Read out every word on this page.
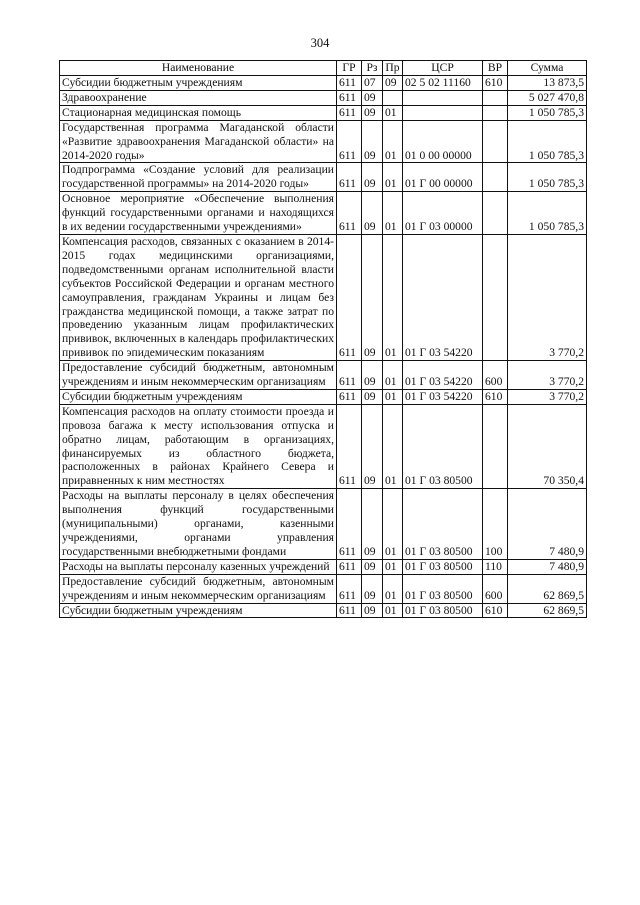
304
Наименование	ГР	Рз	Пр	ЦСР	ВР	Сумма
Субсидии бюджетным учреждениям	611	07	09	02 5 02 11160	610	13 873,5
Здравоохранение	611	09				5 027 470,8
Стационарная медицинская помощь	611	09	01			1 050 785,3
Государственная программа Магаданской области «Развитие здравоохранения Магаданской области» на 2014-2020 годы»	611	09	01	01 0 00 00000		1 050 785,3
Подпрограмма «Создание условий для реализации государственной программы» на 2014-2020 годы»	611	09	01	01 Г 00 00000		1 050 785,3
Основное мероприятие «Обеспечение выполнения функций государственными органами и находящихся в их ведении государственными учреждениями»	611	09	01	01 Г 03 00000		1 050 785,3
Компенсация расходов, связанных с оказанием в 2014-2015 годах медицинскими организациями, подведомственными органам исполнительной власти субъектов Российской Федерации и органам местного самоуправления, гражданам Украины и лицам без гражданства медицинской помощи, а также затрат по проведению указанным лицам профилактических прививок, включенных в календарь профилактических прививок по эпидемическим показаниям	611	09	01	01 Г 03 54220		3 770,2
Предоставление субсидий бюджетным, автономным учреждениям и иным некоммерческим организациям	611	09	01	01 Г 03 54220	600	3 770,2
Субсидии бюджетным учреждениям	611	09	01	01 Г 03 54220	610	3 770,2
Компенсация расходов на оплату стоимости проезда и провоза багажа к месту использования отпуска и обратно лицам, работающим в организациях, финансируемых из областного бюджета, расположенных в районах Крайнего Севера и приравненных к ним местностях	611	09	01	01 Г 03 80500		70 350,4
Расходы на выплаты персоналу в целях обеспечения выполнения функций государственными (муниципальными) органами, казенными учреждениями, органами управления государственными внебюджетными фондами	611	09	01	01 Г 03 80500	100	7 480,9
Расходы на выплаты персоналу казенных учреждений	611	09	01	01 Г 03 80500	110	7 480,9
Предоставление субсидий бюджетным, автономным учреждениям и иным некоммерческим организациям	611	09	01	01 Г 03 80500	600	62 869,5
Субсидии бюджетным учреждениям	611	09	01	01 Г 03 80500	610	62 869,5
